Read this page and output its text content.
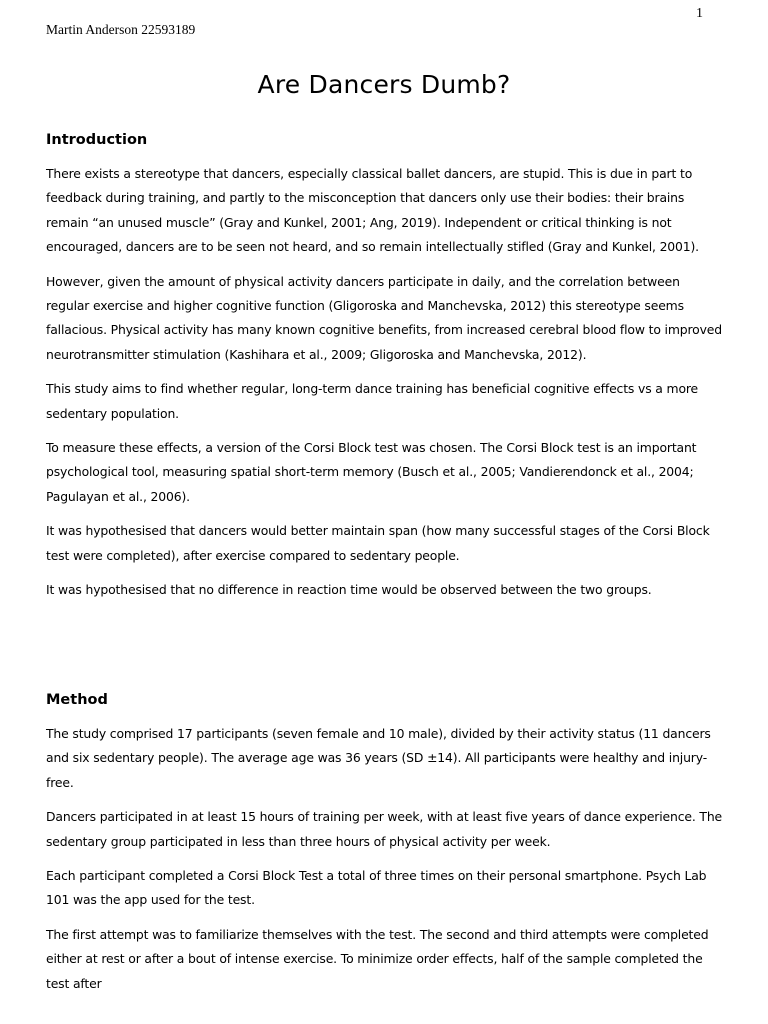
1
Martin Anderson 22593189
Are Dancers Dumb?
Introduction

There exists a stereotype that dancers, especially classical ballet dancers, are stupid. This is due in part to feedback during training, and partly to the misconception that dancers only use their bodies: their brains remain “an unused muscle” (Gray and Kunkel, 2001; Ang, 2019). Independent or critical thinking is not encouraged, dancers are to be seen not heard, and so remain intellectually stifled (Gray and Kunkel, 2001).

However, given the amount of physical activity dancers participate in daily, and the correlation between regular exercise and higher cognitive function (Gligoroska and Manchevska, 2012) this stereotype seems fallacious. Physical activity has many known cognitive benefits, from increased cerebral blood flow to improved neurotransmitter stimulation (Kashihara et al., 2009; Gligoroska and Manchevska, 2012).

This study aims to find whether regular, long-term dance training has beneficial cognitive effects vs a more sedentary population.

To measure these effects, a version of the Corsi Block test was chosen. The Corsi Block test is an important psychological tool, measuring spatial short-term memory (Busch et al., 2005; Vandierendonck et al., 2004; Pagulayan et al., 2006).

It was hypothesised that dancers would better maintain span (how many successful stages of the Corsi Block test were completed), after exercise compared to sedentary people.

It was hypothesised that no difference in reaction time would be observed between the two groups.

Method

The study comprised 17 participants (seven female and 10 male), divided by their activity status (11 dancers and six sedentary people). The average age was 36 years (SD ±14). All participants were healthy and injury-free.

Dancers participated in at least 15 hours of training per week, with at least five years of dance experience. The sedentary group participated in less than three hours of physical activity per week.

Each participant completed a Corsi Block Test a total of three times on their personal smartphone. Psych Lab 101 was the app used for the test.

The first attempt was to familiarize themselves with the test. The second and third attempts were completed either at rest or after a bout of intense exercise. To minimize order effects, half of the sample completed the test after
